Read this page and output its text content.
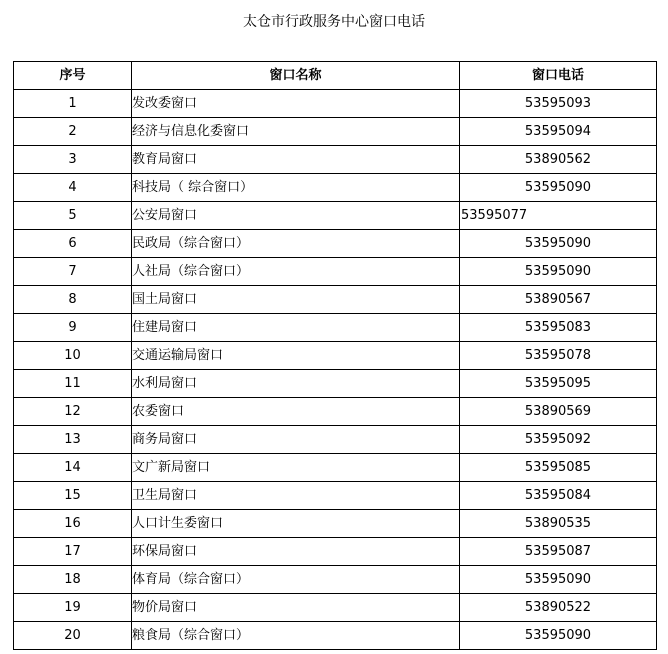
太仓市行政服务中心窗口电话
序号	窗口名称	窗口电话
1	发改委窗口	53595093
2	经济与信息化委窗口	53595094
3	教育局窗口	53890562
4	科技局（ 综合窗口）	53595090
5	公安局窗口	53595077
6	民政局（综合窗口）	53595090
7	人社局（综合窗口）	53595090
8	国土局窗口	53890567
9	住建局窗口	53595083
10	交通运输局窗口	53595078
11	水利局窗口	53595095
12	农委窗口	53890569
13	商务局窗口	53595092
14	文广新局窗口	53595085
15	卫生局窗口	53595084
16	人口计生委窗口	53890535
17	环保局窗口	53595087
18	体育局（综合窗口）	53595090
19	物价局窗口	53890522
20	粮食局（综合窗口）	53595090
